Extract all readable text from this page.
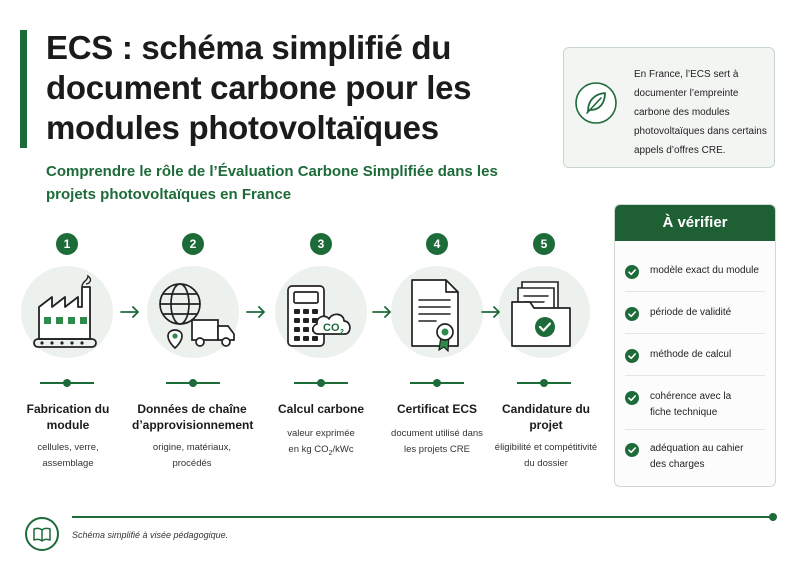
ECS : schéma simplifié du document carbone pour les modules photovoltaïques

Comprendre le rôle de l’Évaluation Carbone Simplifiée dans les projets photovoltaïques en France

En France, l’ECS sert à documenter l’empreinte carbone des modules photovoltaïques dans certains appels d’offres CRE.

À vérifier
modèle exact du module
période de validité
méthode de calcul
cohérence avec la fiche technique
adéquation au cahier des charges
1	2	3	4	5
CO 2
Fabrication du module
Données de chaîne d’approvisionnement
Calcul carbone	Certificat ECS	Candidature du projet
cellules, verre, assemblage
origine, matériaux, procédés
valeur exprimée
en kg $CO_2$/kWc
document utilisé dans les projets CRE	éligibilité et compétitivité du dossier
Schéma simplifié à visée pédagogique.
